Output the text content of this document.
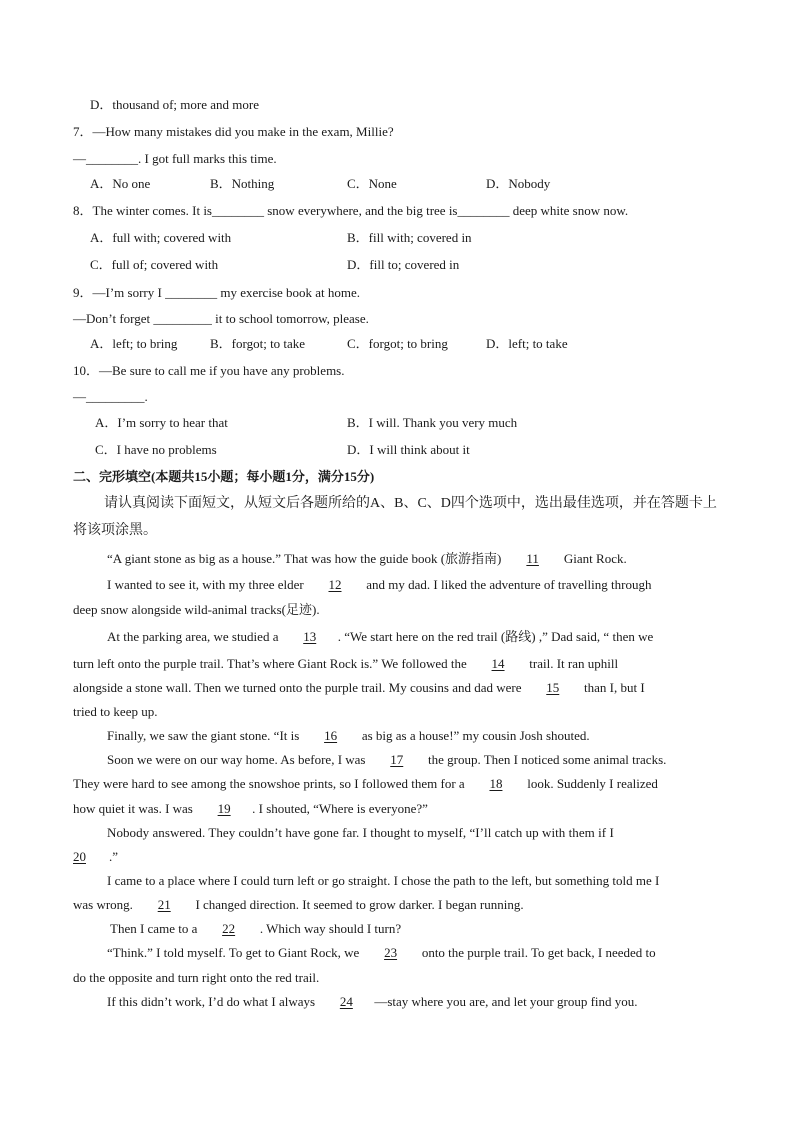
D．thousand of; more and more
7．—How many mistakes did you make in the exam, Millie?
—________. I got full marks this time.
A．No one	B．Nothing	C．None	D．Nobody
8．The winter comes. It is________ snow everywhere, and the big tree is________ deep white snow now.
A．full with; covered with	B．fill with; covered in
C．full of; covered with	D．fill to; covered in
9．—I’m sorry I ________ my exercise book at home.
—Don’t forget _________ it to school tomorrow, please.
A．left; to bring	B．forgot; to take	C．forgot; to bring	D．left; to take
10．—Be sure to call me if you have any problems.
—_________.
A．I’m sorry to hear that	B．I will. Thank you very much
C．I have no problems	D．I will think about it
二、完形填空(本题共15小题；每小题1分，满分15分)
请认真阅读下面短文，从短文后各题所给的A、B、C、D四个选项中，选出最佳选项，并在答题卡上
将该项涂黑。
“A giant stone as big as a house.” That was how the guide book (旅游指南) 11 Giant Rock.
I wanted to see it, with my three elder 12 and my dad. I liked the adventure of travelling through
deep snow alongside wild-animal tracks(足迹).
At the parking area, we studied a 13 . “We start here on the red trail (路线) ,” Dad said, “ then we
turn left onto the purple trail. That’s where Giant Rock is.” We followed the 14 trail. It ran uphill
alongside a stone wall. Then we turned onto the purple trail. My cousins and dad were 15 than I, but I
tried to keep up.
Finally, we saw the giant stone. “It is 16 as big as a house!” my cousin Josh shouted.
Soon we were on our way home. As before, I was 17 the group. Then I noticed some animal tracks.
They were hard to see among the snowshoe prints, so I followed them for a 18 look. Suddenly I realized
how quiet it was. I was 19 . I shouted, “Where is everyone?”
Nobody answered. They couldn’t have gone far. I thought to myself, “I’ll catch up with them if I
20 .”
I came to a place where I could turn left or go straight. I chose the path to the left, but something told me I
was wrong. 21 I changed direction. It seemed to grow darker. I began running.
Then I came to a 22 . Which way should I turn?
“Think.” I told myself. To get to Giant Rock, we 23 onto the purple trail. To get back, I needed to
do the opposite and turn right onto the red trail.
If this didn’t work, I’d do what I always 24 —stay where you are, and let your group find you.
